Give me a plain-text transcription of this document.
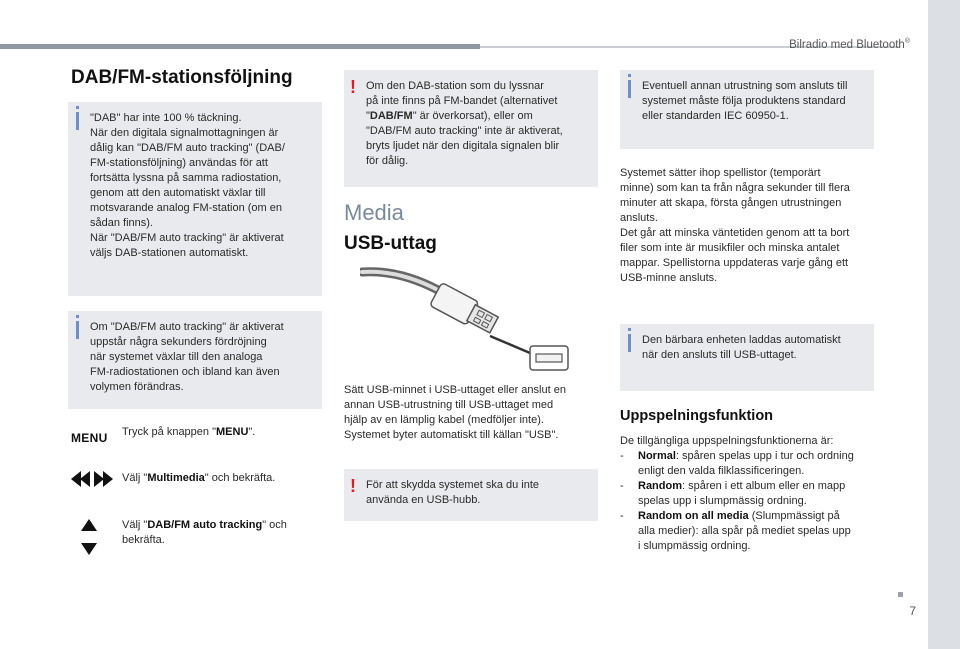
Bilradio med Bluetooth®
DAB/FM-stationsföljning
"DAB" har inte 100 % täckning.
När den digitala signalmottagningen är
dålig kan "DAB/FM auto tracking" (DAB/
FM-stationsföljning) användas för att
fortsätta lyssna på samma radiostation,
genom att den automatiskt växlar till
motsvarande analog FM-station (om en
sådan finns).
När "DAB/FM auto tracking" är aktiverat
väljs DAB-stationen automatiskt.
Om "DAB/FM auto tracking" är aktiverat
uppstår några sekunders fördröjning
när systemet växlar till den analoga
FM-radiostationen och ibland kan även
volymen förändras.
MENU Tryck på knappen "MENU".
Välj "Multimedia" och bekräfta.
Välj "DAB/FM auto tracking" och
bekräfta.
! Om den DAB-station som du lyssnar
på inte finns på FM-bandet (alternativet
"DAB/FM" är överkorsat), eller om
"DAB/FM auto tracking" inte är aktiverat,
bryts ljudet när den digitala signalen blir
för dålig.
Media
USB-uttag
Sätt USB-minnet i USB-uttaget eller anslut en
annan USB-utrustning till USB-uttaget med
hjälp av en lämplig kabel (medföljer inte).
Systemet byter automatiskt till källan "USB".
! För att skydda systemet ska du inte
använda en USB-hubb.
Eventuell annan utrustning som ansluts till
systemet måste följa produktens standard
eller standarden IEC 60950-1.
Systemet sätter ihop spellistor (temporärt
minne) som kan ta från några sekunder till flera
minuter att skapa, första gången utrustningen
ansluts.
Det går att minska väntetiden genom att ta bort
filer som inte är musikfiler och minska antalet
mappar. Spellistorna uppdateras varje gång ett
USB-minne ansluts.
Den bärbara enheten laddas automatiskt
när den ansluts till USB-uttaget.
Uppspelningsfunktion
De tillgängliga uppspelningsfunktionerna är:
- Normal: spåren spelas upp i tur och ordning
enligt den valda filklassificeringen.
- Random: spåren i ett album eller en mapp
spelas upp i slumpmässig ordning.
- Random on all media (Slumpmässigt på
alla medier): alla spår på mediet spelas upp
i slumpmässig ordning.
7
